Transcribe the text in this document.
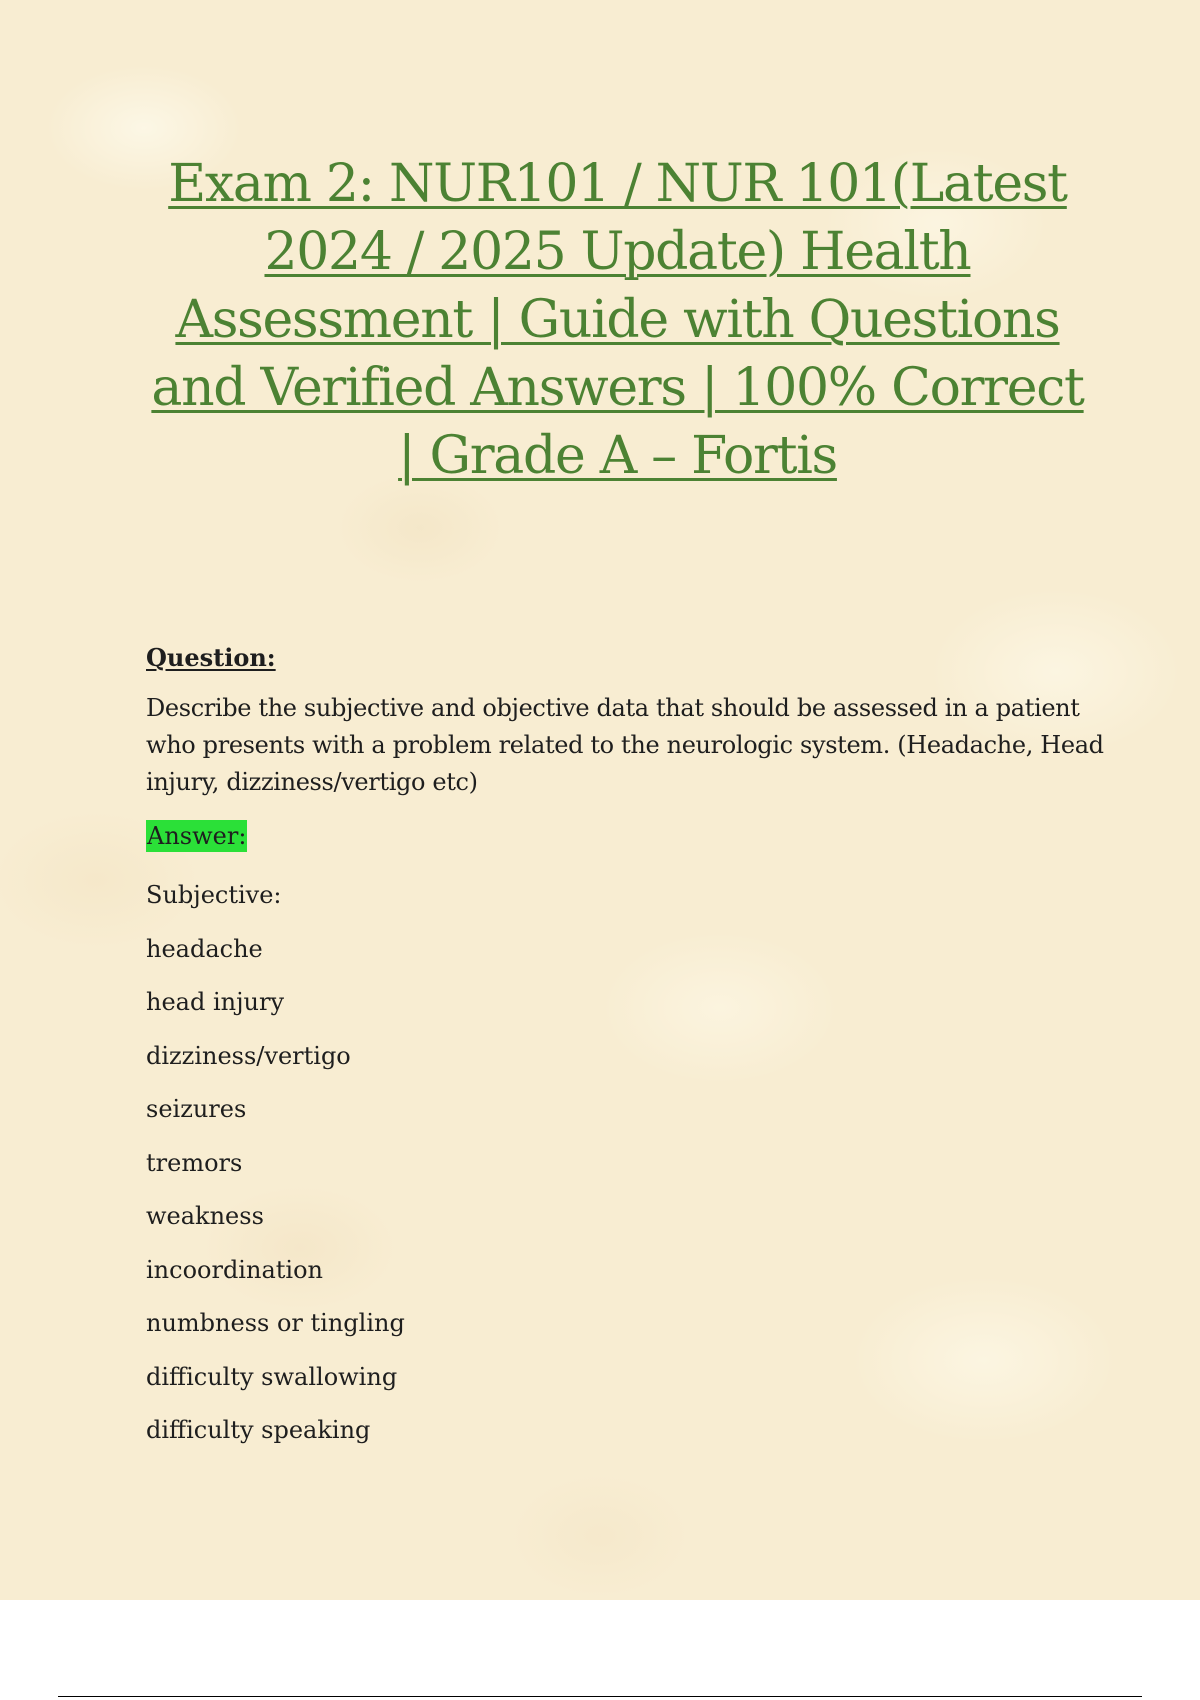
Exam 2: NUR101 / NUR 101(Latest 2024 / 2025 Update) Health Assessment | Guide with Questions and Verified Answers | 100% Correct | Grade A – Fortis

Question:

Describe the subjective and objective data that should be assessed in a patient who presents with a problem related to the neurologic system. (Headache, Head injury, dizziness/vertigo etc)

Answer:

Subjective:

headache

head injury

dizziness/vertigo

seizures

tremors

weakness

incoordination

numbness or tingling

difficulty swallowing

difficulty speaking
